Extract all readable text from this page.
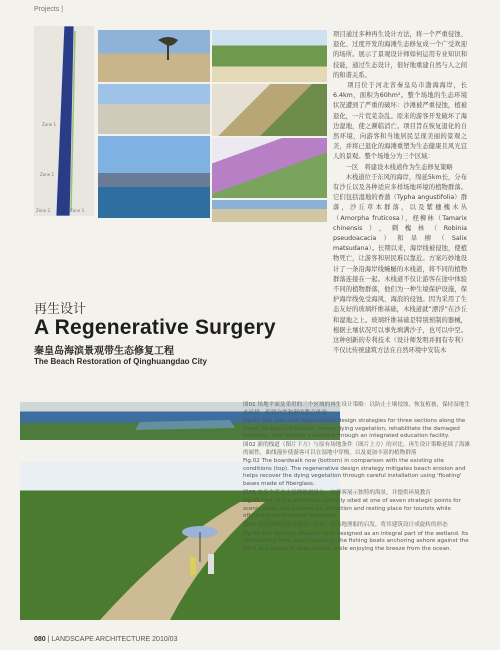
Projects |
Zone 1
Zone 1
Zone 2	Zone 3
项目通过多种再生设计方法，将一个严重侵蚀、退化、过度开发的海滩生态修复成一个广受欢迎的场所。展示了景观设计师如何运用专业知识和技能，通过生态设计，很好地重建自然与人之间的和谐关系。
　　项目位于河北省秦皇岛市渤海海岸，长6.4km，面积为60hm²。整个场地的生态环境状况遭到了严重的破坏：沙滩被严重侵蚀，植被退化，一片荒芜杂乱。原来的游客开发破坏了海边湿地，使之濒临消亡。项目旨在恢复退化的自然环境，向游客和当地居民呈现美丽的景观之美，并将已退化的海滩重塑为生态健康且风光宜人的景观。整个场地分为三个区域：
　　一区　将建设木栈道作为生态修复策略
　　木栈道位于东风的海岸，绵延5km长，分布有沙丘以及各种适应多样场地环境的植物群落。它们包括湿地的香蒲（Typha angustifolia）群落，沙丘草本群落，以及紫穗槐木丛（Amorpha fruticosa），柽柳林（Tamarix chinensis），刺槐林（Robinia pseudoacacia）和旱柳（Salix matsudana）。长期以来，海岸线被侵蚀，使植物死亡，让游客和居民难以靠近。方案巧妙地设计了一条沿海岸线蜿蜒的木栈道，将不同的植物群落连接在一起。木栈道不仅让游客在途中体验不同的植物群落，他们为一种生境保护设施，保护海岸线免受海风、海浪的侵蚀。因为采用了生态友好的玻璃纤维基础，木栈道就“漂浮”在沙丘和湿地之上。玻璃纤维基础是特别预制的器械，根据土壤状况可以事先填满沙子，也可以中空。这种创新的专利技术（设计师发明并拥有专利）不仅比传统建筑方法在自然环境中安装木
再生设计
A Regenerative Surgery
秦皇岛海滨景观带生态修复工程
The Beach Restoration of Qinghuangdao City

图01 场地平面及采用的三个区域的再生设计策略：以防止土壤侵蚀，恢复植被，保持湿地生态环境，保留自然和谐的教育体验

Fig.01 Site plan and regenerative design strategies for three sections along the shore: to stop soil erosion, renew dying vegetation, rehabilitate the damaged shoreline, and recover a wetland through an integrated education facility.

图02 新的栈道（图片下方）与原有场地条件（图片上方）的对比。再生设计策略延续了海滩的属性，曲线漫步使游客可以在湿地中穿梭，以及更加丰富的植物群落

Fig.02 The boardwalk now (bottom) in comparison with the existing site conditions (top). The regenerative design strategy mitigates beach erosion and helps recover the dying vegetation through careful installation using 'floating' bases made of fiberglass.

图03 在多个节点上设置的观景台，向游客展示独特的海景，并提供环境教育

Fig.03 One of the platforms carefully sited at one of seven strategic points for scenic views has become an attraction and resting place for tourists while offering environmental education.

图04 湿地博物馆是湿地的一部分，受当地渔船的启发，将其建筑设计成旋转的形态

Fig.04 The Wetland Museum was designed as an integral part of the wetland. Its interlocking form was inspired by the fishing boats anchoring ashore against the wind and waves to keep stable, while enjoying the breeze from the ocean.

080 | LANDSCAPE ARCHITECTURE 2010/03
